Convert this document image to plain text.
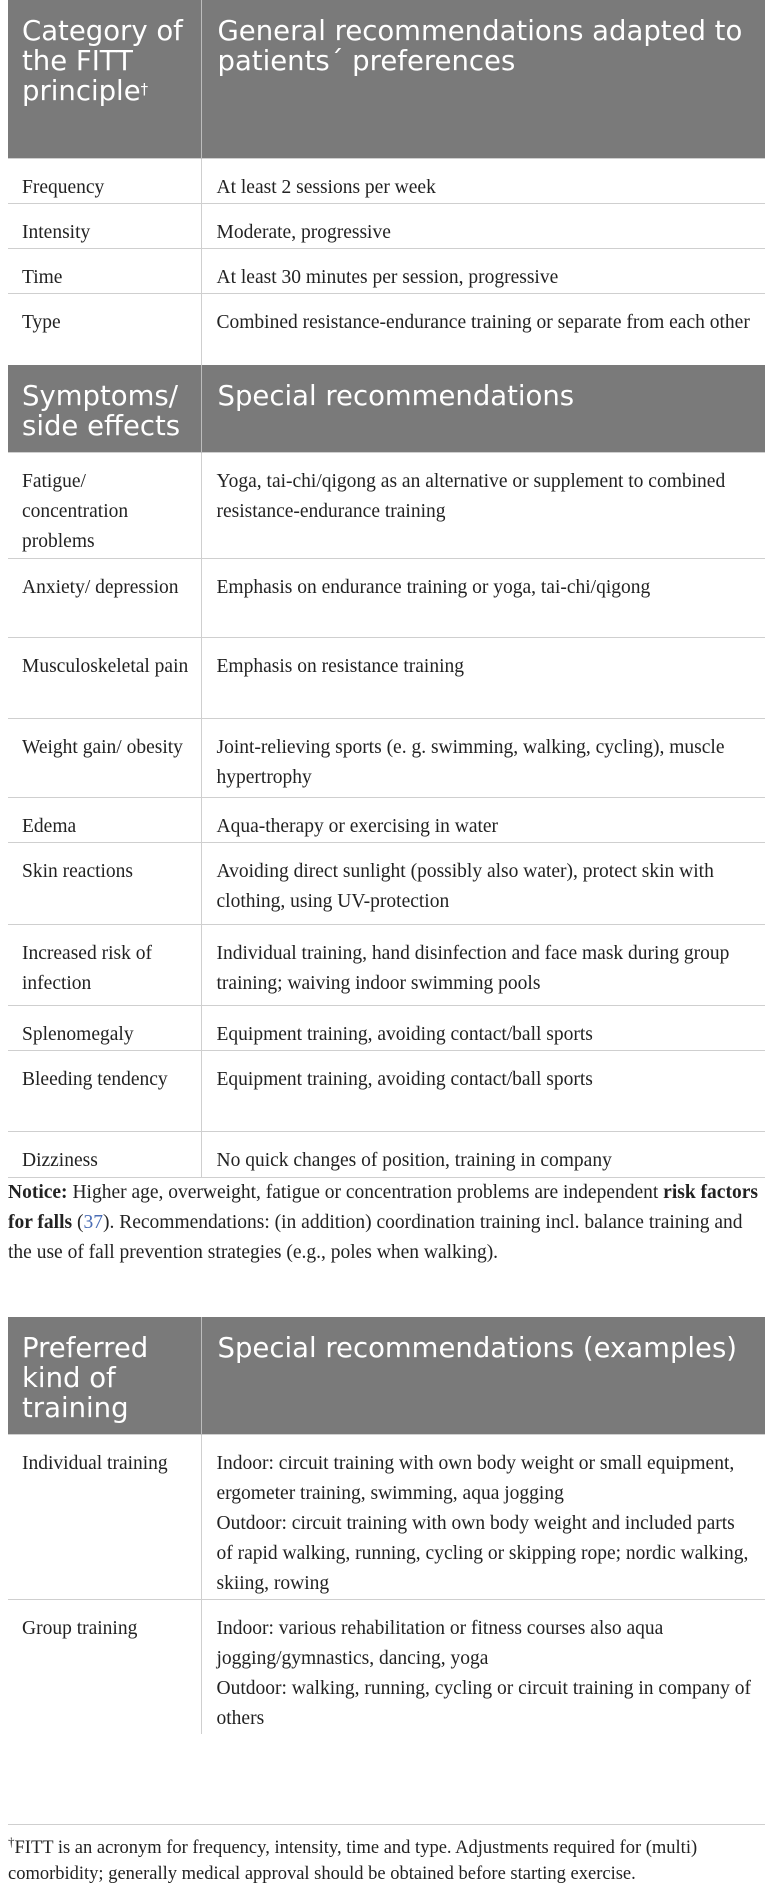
Category of the FITT principle†	General recommendations adapted to patients´ preferences
Frequency	At least 2 sessions per week
Intensity	Moderate, progressive
Time	At least 30 minutes per session, progressive
Type	Combined resistance-endurance training or separate from each other
Symptoms/ side effects	Special recommendations
Fatigue/ concentration problems	Yoga, tai-chi/qigong as an alternative or supplement to combined resistance-endurance training
Anxiety/ depression	Emphasis on endurance training or yoga, tai-chi/qigong
Musculoskeletal pain	Emphasis on resistance training
Weight gain/ obesity	Joint-relieving sports (e. g. swimming, walking, cycling), muscle hypertrophy
Edema	Aqua-therapy or exercising in water
Skin reactions	Avoiding direct sunlight (possibly also water), protect skin with clothing, using UV-protection
Increased risk of infection	Individual training, hand disinfection and face mask during group training; waiving indoor swimming pools
Splenomegaly	Equipment training, avoiding contact/ball sports
Bleeding tendency	Equipment training, avoiding contact/ball sports
Dizziness	No quick changes of position, training in company
Notice: Higher age, overweight, fatigue or concentration problems are independent risk factors for falls (37). Recommendations: (in addition) coordination training incl. balance training and the use of fall prevention strategies (e.g., poles when walking).	
Preferred kind of training	Special recommendations (examples)
Individual training	Indoor: circuit training with own body weight or small equipment, ergometer training, swimming, aqua jogging
Outdoor: circuit training with own body weight and included parts of rapid walking, running, cycling or skipping rope; nordic walking, skiing, rowing

Group training	Indoor: various rehabilitation or fitness courses also aqua jogging/gymnastics, dancing, yoga
Outdoor: walking, running, cycling or circuit training in company of others
†FITT is an acronym for frequency, intensity, time and type. Adjustments required for (multi) comorbidity; generally medical approval should be obtained before starting exercise.
